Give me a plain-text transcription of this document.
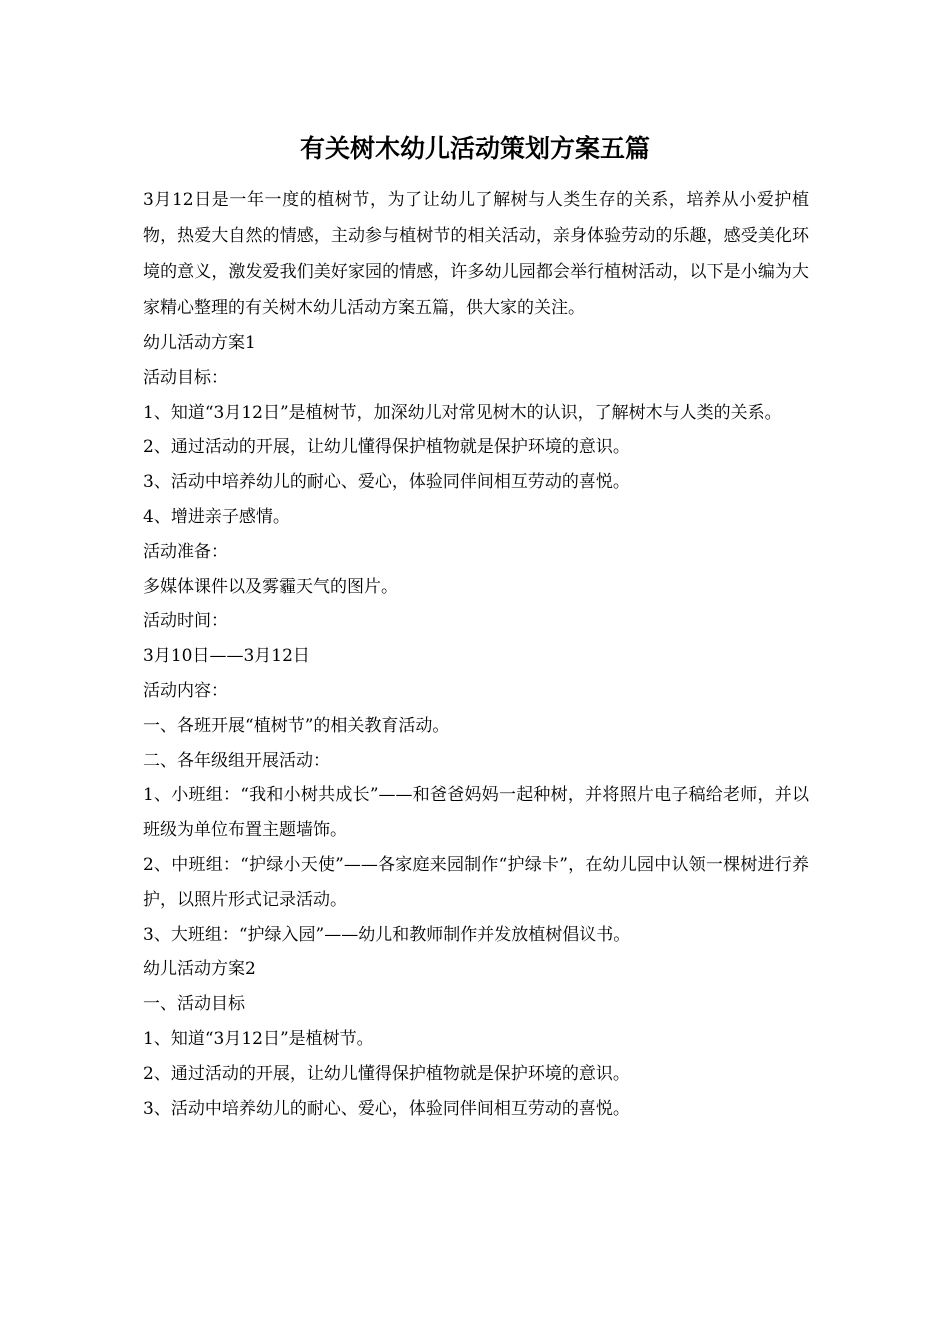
有关树木幼儿活动策划方案五篇

3月12日是一年一度的植树节，为了让幼儿了解树与人类生存的关系，培养从小爱护植物，热爱大自然的情感，主动参与植树节的相关活动，亲身体验劳动的乐趣，感受美化环境的意义，激发爱我们美好家园的情感，许多幼儿园都会举行植树活动，以下是小编为大家精心整理的有关树木幼儿活动方案五篇，供大家的关注。

幼儿活动方案1

活动目标：

1、知道“3月12日”是植树节，加深幼儿对常见树木的认识，了解树木与人类的关系。

2、通过活动的开展，让幼儿懂得保护植物就是保护环境的意识。

3、活动中培养幼儿的耐心、爱心，体验同伴间相互劳动的喜悦。

4、增进亲子感情。

活动准备：

多媒体课件以及雾霾天气的图片。

活动时间：

3月10日——3月12日

活动内容：

一、各班开展“植树节”的相关教育活动。

二、各年级组开展活动：

1、小班组：“我和小树共成长”——和爸爸妈妈一起种树，并将照片电子稿给老师，并以班级为单位布置主题墙饰。

2、中班组：“护绿小天使”——各家庭来园制作“护绿卡”，在幼儿园中认领一棵树进行养护，以照片形式记录活动。

3、大班组：“护绿入园”——幼儿和教师制作并发放植树倡议书。

幼儿活动方案2

一、活动目标

1、知道“3月12日”是植树节。

2、通过活动的开展，让幼儿懂得保护植物就是保护环境的意识。

3、活动中培养幼儿的耐心、爱心，体验同伴间相互劳动的喜悦。
